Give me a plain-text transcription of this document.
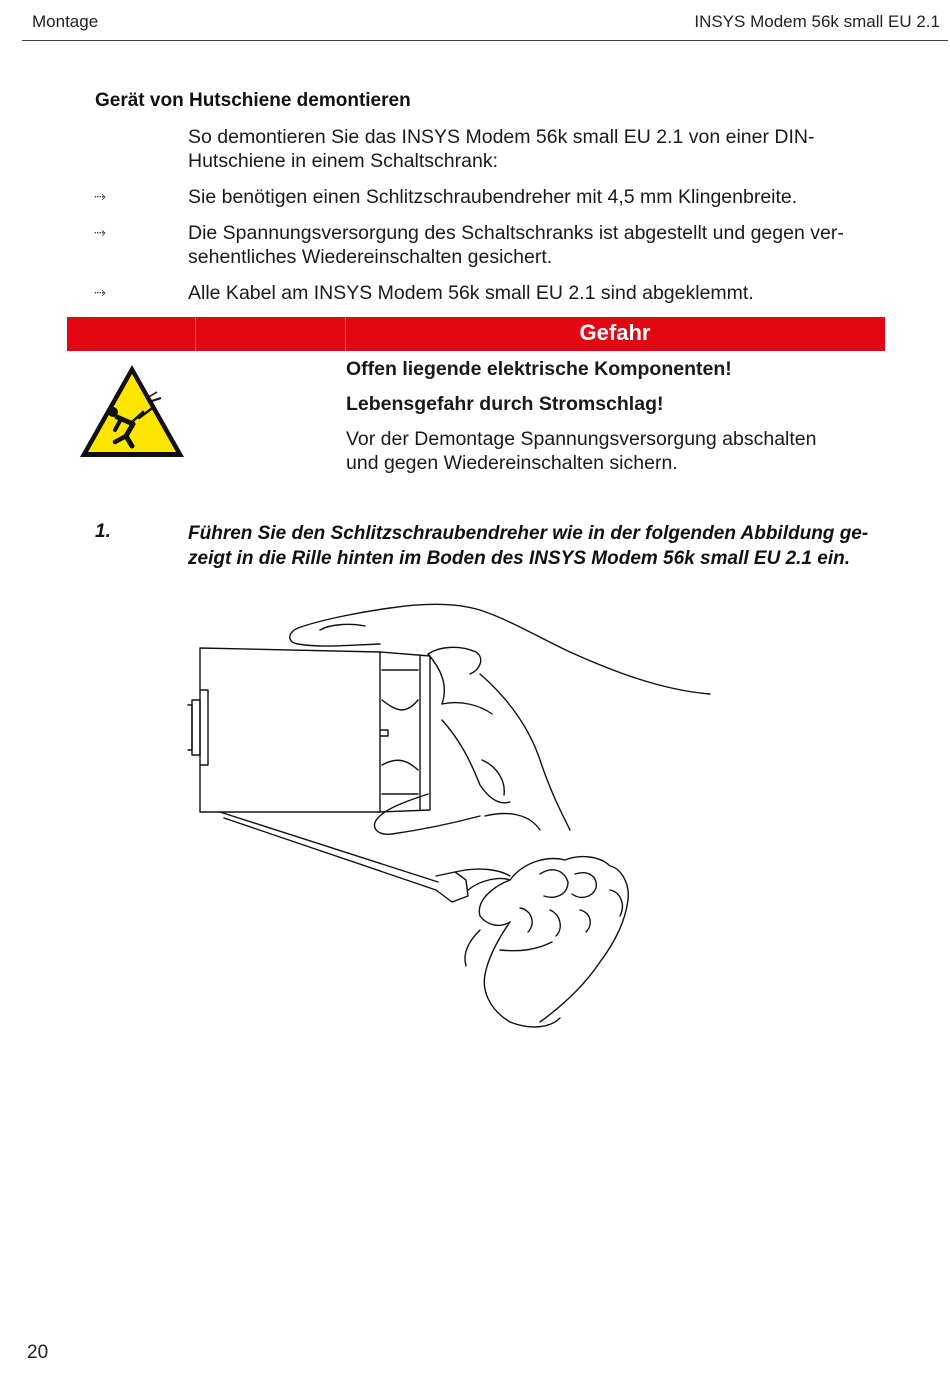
Montage	INSYS Modem 56k small EU 2.1
Gerät von Hutschiene demontieren
So demontieren Sie das INSYS Modem 56k small EU 2.1 von einer DIN-
Hutschiene in einem Schaltschrank:
⤑	Sie benötigen einen Schlitzschraubendreher mit 4,5 mm Klingenbreite.
⤑	Die Spannungsversorgung des Schaltschranks ist abgestellt und gegen ver-
sehentliches Wiedereinschalten gesichert.
⤑	Alle Kabel am INSYS Modem 56k small EU 2.1 sind abgeklemmt.
Gefahr
Offen liegende elektrische Komponenten!
Lebensgefahr durch Stromschlag!
Vor der Demontage Spannungsversorgung abschalten
und gegen Wiedereinschalten sichern.
1.	Führen Sie den Schlitzschraubendreher wie in der folgenden Abbildung ge-
zeigt in die Rille hinten im Boden des INSYS Modem 56k small EU 2.1 ein.
20
